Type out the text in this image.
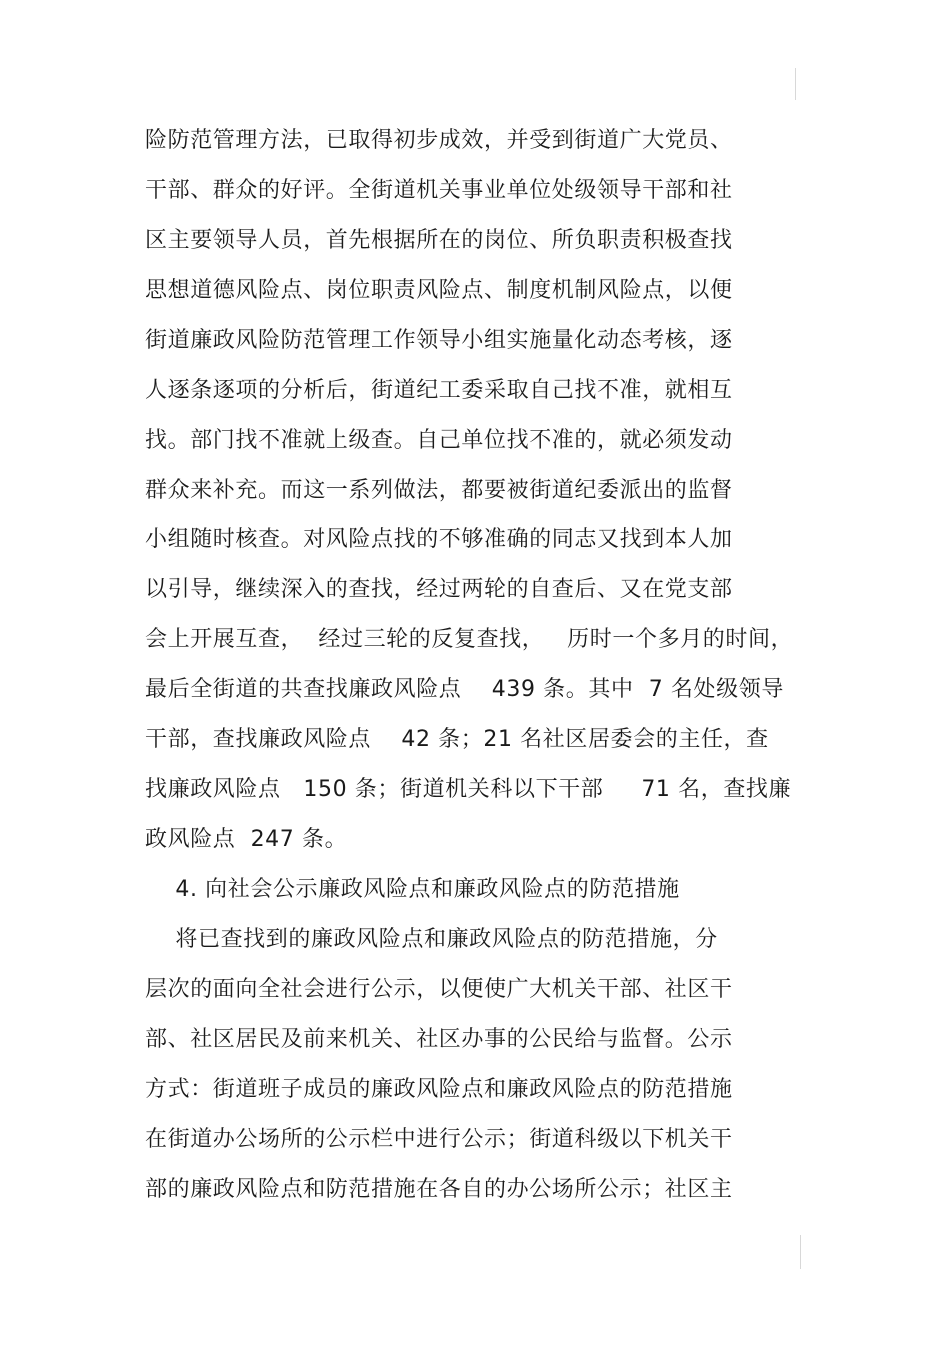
险防范管理方法，已取得初步成效，并受到街道广大党员、
干部、群众的好评。全街道机关事业单位处级领导干部和社
区主要领导人员，首先根据所在的岗位、所负职责积极查找
思想道德风险点、岗位职责风险点、制度机制风险点，以便
街道廉政风险防范管理工作领导小组实施量化动态考核，逐
人逐条逐项的分析后，街道纪工委采取自己找不准，就相互
找。部门找不准就上级查。自己单位找不准的，就必须发动
群众来补充。而这一系列做法，都要被街道纪委派出的监督
小组随时核查。对风险点找的不够准确的同志又找到本人加
以引导，继续深入的查找，经过两轮的自查后、又在党支部
会上开展互查，  经过三轮的反复查找，   历时一个多月的时间，
最后全街道的共查找廉政风险点    439 条。其中  7 名处级领导
干部，查找廉政风险点    42 条；21 名社区居委会的主任，查
找廉政风险点   150 条；街道机关科以下干部     71 名，查找廉
政风险点  247 条。
4. 向社会公示廉政风险点和廉政风险点的防范措施
将已查找到的廉政风险点和廉政风险点的防范措施，分
层次的面向全社会进行公示，以便使广大机关干部、社区干
部、社区居民及前来机关、社区办事的公民给与监督。公示
方式：街道班子成员的廉政风险点和廉政风险点的防范措施
在街道办公场所的公示栏中进行公示；街道科级以下机关干
部的廉政风险点和防范措施在各自的办公场所公示；社区主
